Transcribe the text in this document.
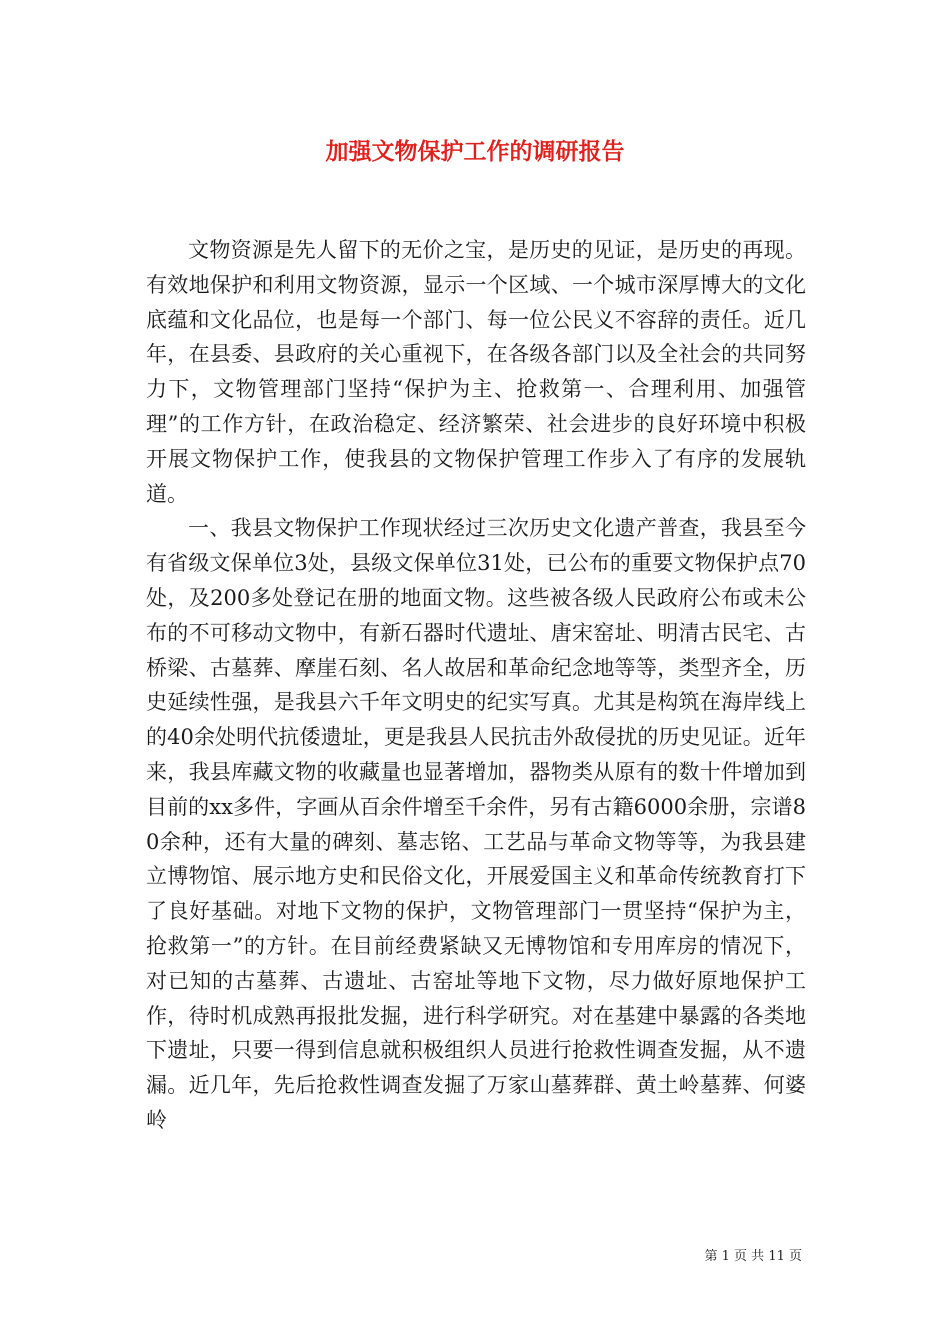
加强文物保护工作的调研报告

文物资源是先人留下的无价之宝，是历史的见证，是历史的再现。有效地保护和利用文物资源，显示一个区域、一个城市深厚博大的文化底蕴和文化品位，也是每一个部门、每一位公民义不容辞的责任。近几年，在县委、县政府的关心重视下，在各级各部门以及全社会的共同努力下，文物管理部门坚持“保护为主、抢救第一、合理利用、加强管理”的工作方针，在政治稳定、经济繁荣、社会进步的良好环境中积极开展文物保护工作，使我县的文物保护管理工作步入了有序的发展轨道。

一、我县文物保护工作现状经过三次历史文化遗产普查，我县至今有省级文保单位3处，县级文保单位31处，已公布的重要文物保护点70处，及200多处登记在册的地面文物。这些被各级人民政府公布或未公布的不可移动文物中，有新石器时代遗址、唐宋窑址、明清古民宅、古桥梁、古墓葬、摩崖石刻、名人故居和革命纪念地等等，类型齐全，历史延续性强，是我县六千年文明史的纪实写真。尤其是构筑在海岸线上的40余处明代抗倭遗址，更是我县人民抗击外敌侵扰的历史见证。近年来，我县库藏文物的收藏量也显著增加，器物类从原有的数十件增加到目前的xx多件，字画从百余件增至千余件，另有古籍6000余册，宗谱80余种，还有大量的碑刻、墓志铭、工艺品与革命文物等等，为我县建立博物馆、展示地方史和民俗文化，开展爱国主义和革命传统教育打下了良好基础。对地下文物的保护，文物管理部门一贯坚持“保护为主，抢救第一”的方针。在目前经费紧缺又无博物馆和专用库房的情况下，对已知的古墓葬、古遗址、古窑址等地下文物，尽力做好原地保护工作，待时机成熟再报批发掘，进行科学研究。对在基建中暴露的各类地下遗址，只要一得到信息就积极组织人员进行抢救性调查发掘，从不遗漏。近几年，先后抢救性调查发掘了万家山墓葬群、黄土岭墓葬、何婆岭

第 1 页 共 11 页
